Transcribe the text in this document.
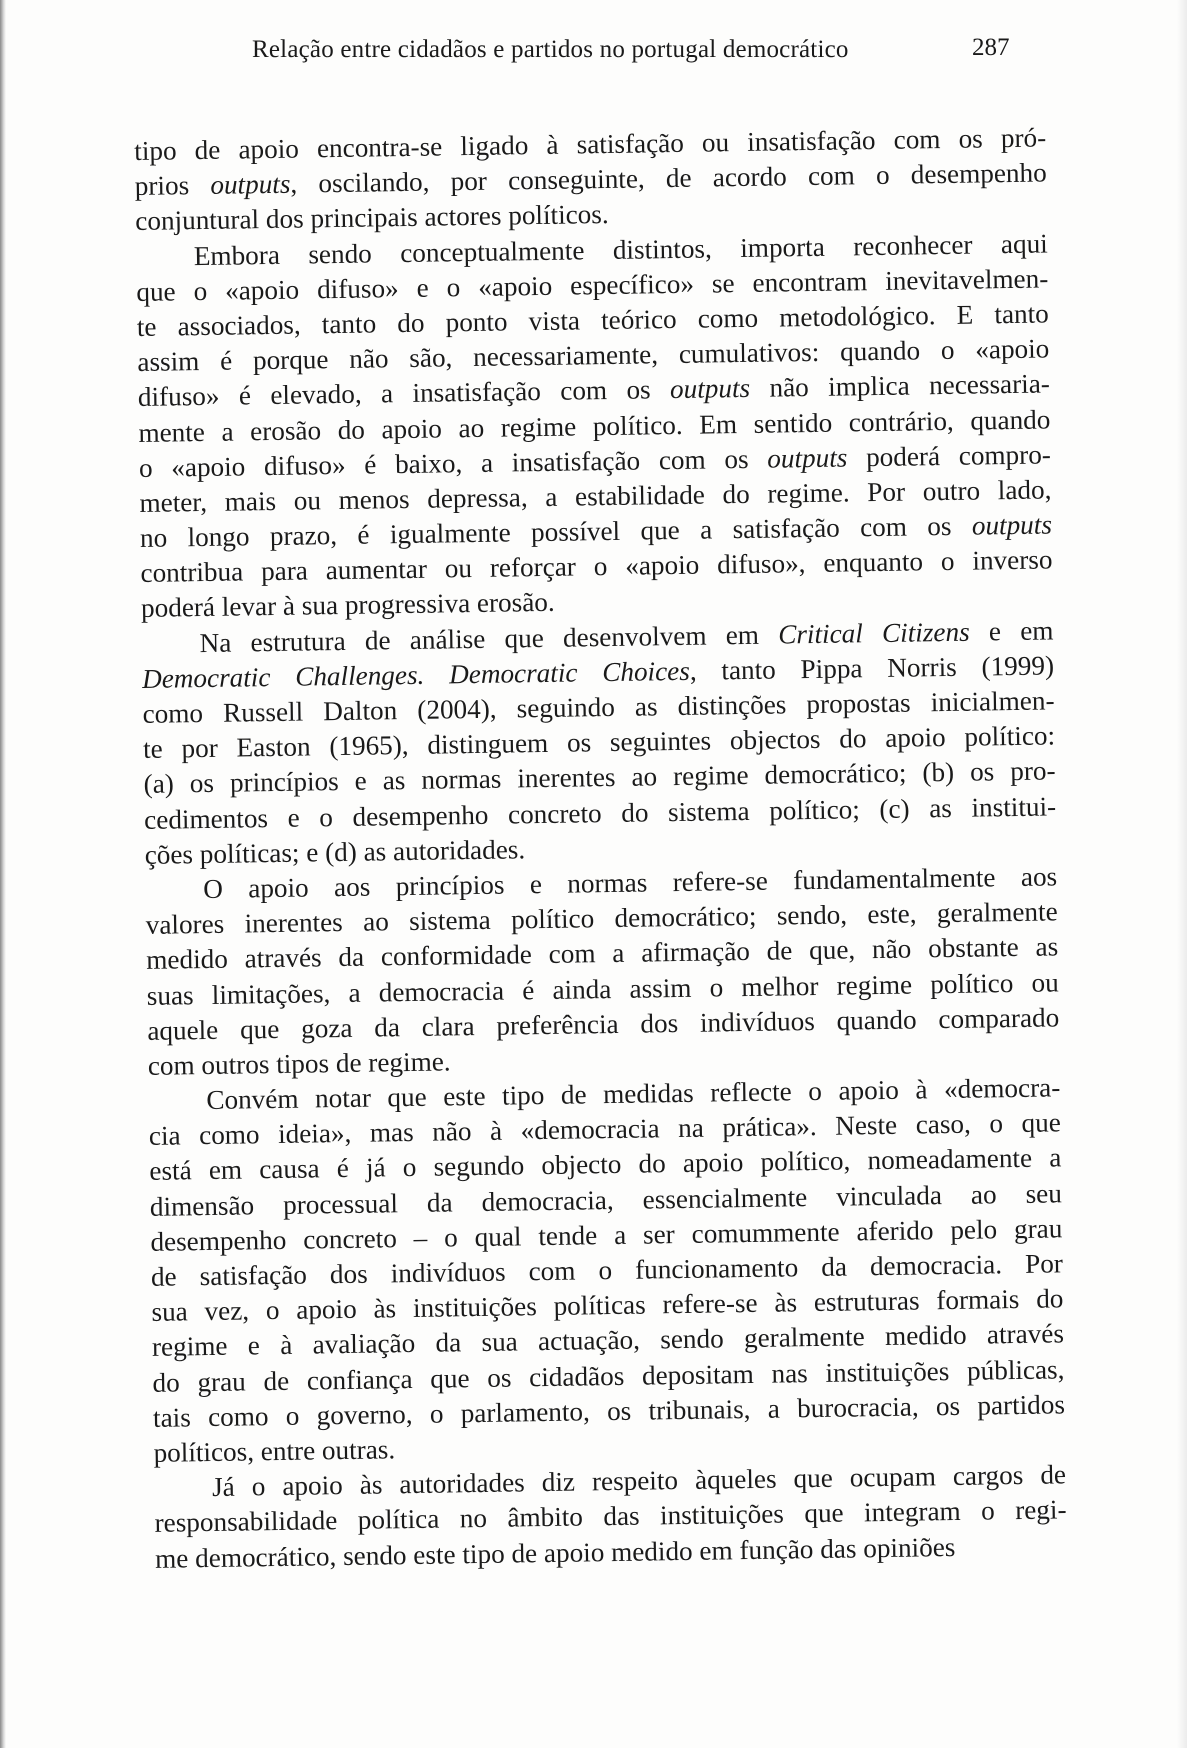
Relação entre cidadãos e partidos no portugal democrático	287
tipo de apoio encontra-se ligado à satisfação ou insatisfação com os pró-
prios outputs, oscilando, por conseguinte, de acordo com o desempenho
conjuntural dos principais actores políticos.
Embora sendo conceptualmente distintos, importa reconhecer aqui
que o «apoio difuso» e o «apoio específico» se encontram inevitavelmen-
te associados, tanto do ponto vista teórico como metodológico. E tanto
assim é porque não são, necessariamente, cumulativos: quando o «apoio
difuso» é elevado, a insatisfação com os outputs não implica necessaria-
mente a erosão do apoio ao regime político. Em sentido contrário, quando
o «apoio difuso» é baixo, a insatisfação com os outputs poderá compro-
meter, mais ou menos depressa, a estabilidade do regime. Por outro lado,
no longo prazo, é igualmente possível que a satisfação com os outputs
contribua para aumentar ou reforçar o «apoio difuso», enquanto o inverso
poderá levar à sua progressiva erosão.
Na estrutura de análise que desenvolvem em Critical Citizens e em
Democratic Challenges. Democratic Choices, tanto Pippa Norris (1999)
como Russell Dalton (2004), seguindo as distinções propostas inicialmen-
te por Easton (1965), distinguem os seguintes objectos do apoio político:
(a) os princípios e as normas inerentes ao regime democrático; (b) os pro-
cedimentos e o desempenho concreto do sistema político; (c) as institui-
ções políticas; e (d) as autoridades.
O apoio aos princípios e normas refere-se fundamentalmente aos
valores inerentes ao sistema político democrático; sendo, este, geralmente
medido através da conformidade com a afirmação de que, não obstante as
suas limitações, a democracia é ainda assim o melhor regime político ou
aquele que goza da clara preferência dos indivíduos quando comparado
com outros tipos de regime.
Convém notar que este tipo de medidas reflecte o apoio à «democra-
cia como ideia», mas não à «democracia na prática». Neste caso, o que
está em causa é já o segundo objecto do apoio político, nomeadamente a
dimensão processual da democracia, essencialmente vinculada ao seu
desempenho concreto – o qual tende a ser comummente aferido pelo grau
de satisfação dos indivíduos com o funcionamento da democracia. Por
sua vez, o apoio às instituições políticas refere-se às estruturas formais do
regime e à avaliação da sua actuação, sendo geralmente medido através
do grau de confiança que os cidadãos depositam nas instituições públicas,
tais como o governo, o parlamento, os tribunais, a burocracia, os partidos
políticos, entre outras.
Já o apoio às autoridades diz respeito àqueles que ocupam cargos de
responsabilidade política no âmbito das instituições que integram o regi-
me democrático, sendo este tipo de apoio medido em função das opiniões
